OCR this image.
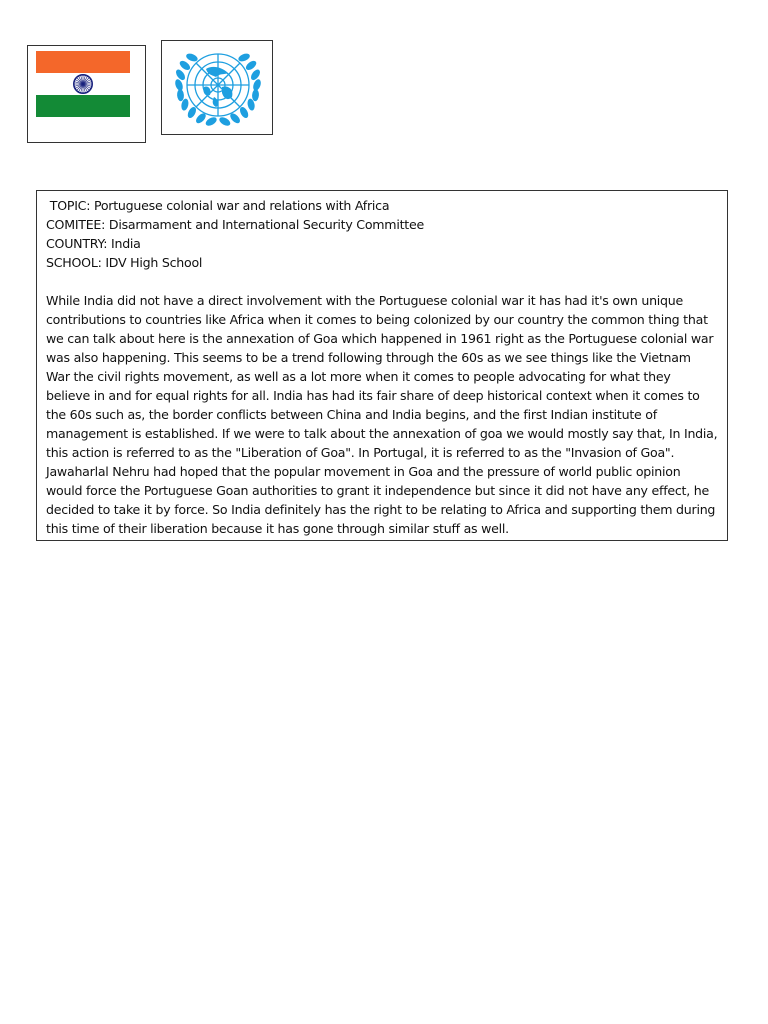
TOPIC: Portuguese colonial war and relations with Africa
COMITEE: Disarmament and International Security Committee
COUNTRY: India
SCHOOL: IDV High School

While India did not have a direct involvement with the Portuguese colonial war it has had it's own unique contributions to countries like Africa when it comes to being colonized by our country the common thing that we can talk about here is the annexation of Goa which happened in 1961 right as the Portuguese colonial war was also happening. This seems to be a trend following through the 60s as we see things like the Vietnam War the civil rights movement, as well as a lot more when it comes to people advocating for what they believe in and for equal rights for all. India has had its fair share of deep historical context when it comes to the 60s such as, the border conflicts between China and India begins, and the first Indian institute of management is established. If we were to talk about the annexation of goa we would mostly say that, In India, this action is referred to as the "Liberation of Goa". In Portugal, it is referred to as the "Invasion of Goa". Jawaharlal Nehru had hoped that the popular movement in Goa and the pressure of world public opinion would force the Portuguese Goan authorities to grant it independence but since it did not have any effect, he decided to take it by force. So India definitely has the right to be relating to Africa and supporting them during this time of their liberation because it has gone through similar stuff as well.
